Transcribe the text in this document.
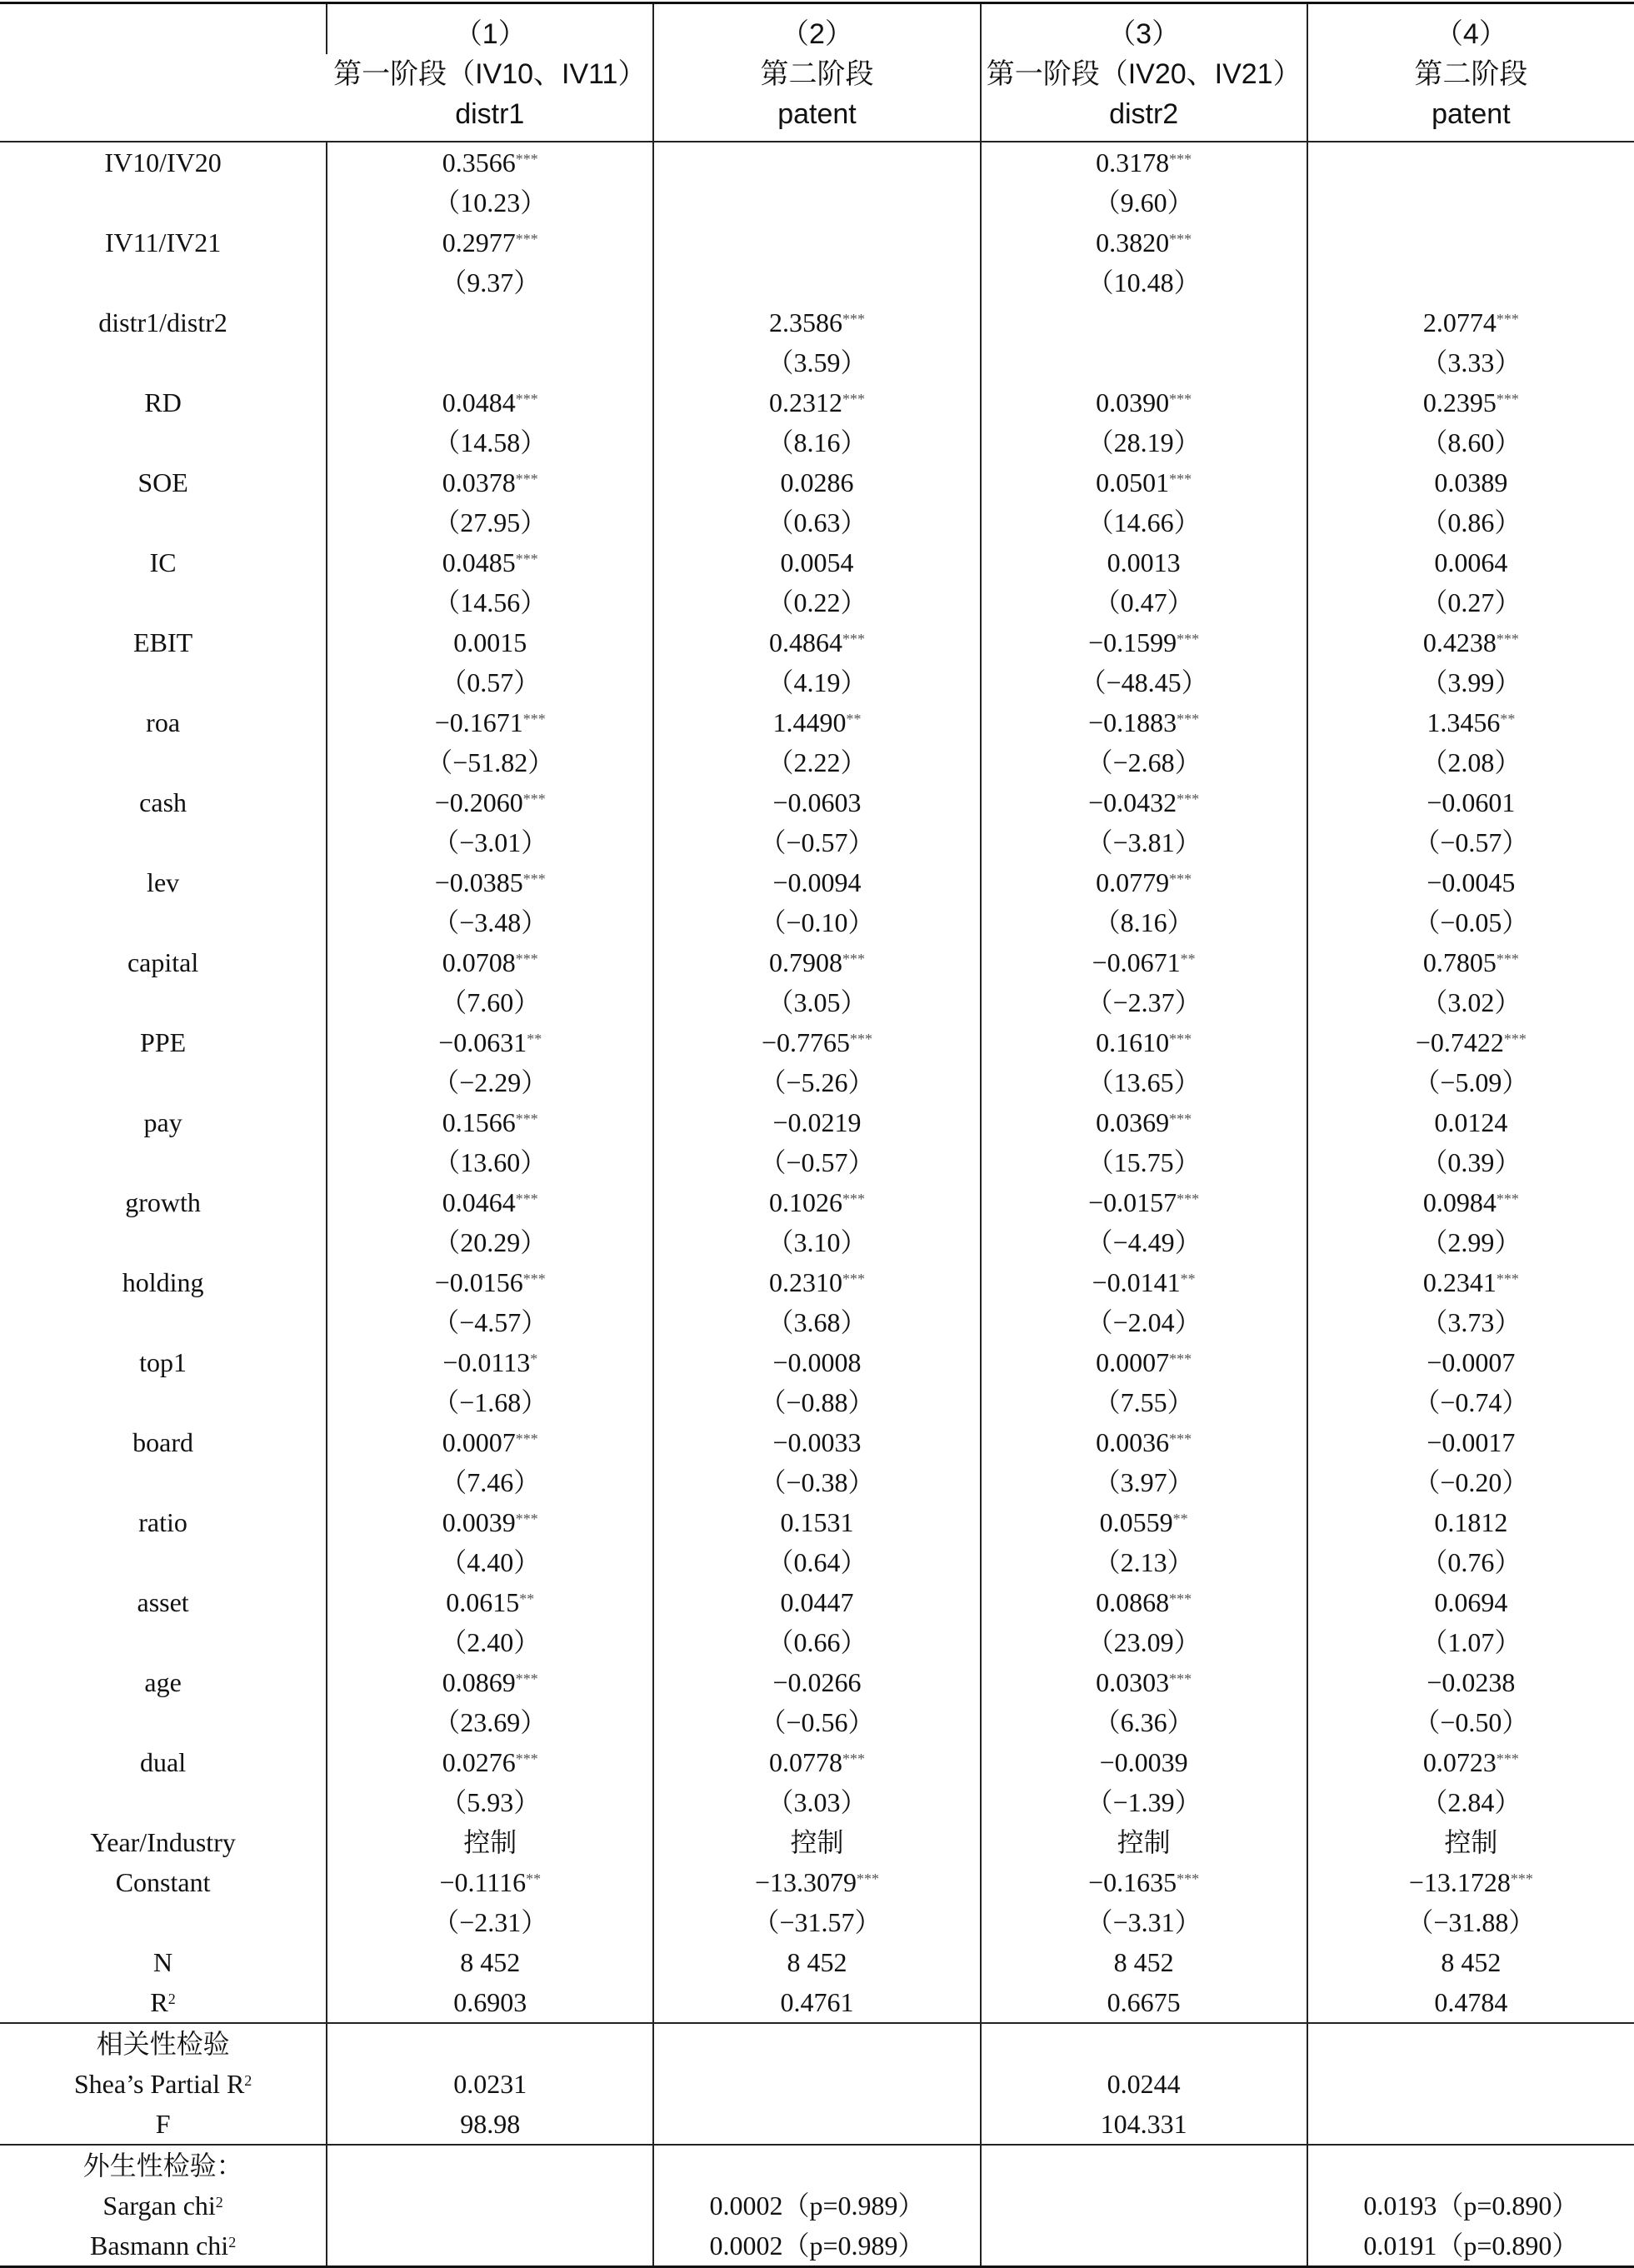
	（1）	（2）	（3）	（4）
	第一阶段（IV10、IV11）	第二阶段	第一阶段（IV20、IV21）	第二阶段
	distr1	patent	distr2	patent
IV10/IV20	0.3566***		0.3178***	
	（10.23）		（9.60）	
IV11/IV21	0.2977***		0.3820***	
	（9.37）		（10.48）	
distr1/distr2		2.3586***		2.0774***
		（3.59）		（3.33）
RD	0.0484***	0.2312***	0.0390***	0.2395***
	（14.58）	（8.16）	（28.19）	（8.60）
SOE	0.0378***	0.0286	0.0501***	0.0389
	（27.95）	（0.63）	（14.66）	（0.86）
IC	0.0485***	0.0054	0.0013	0.0064
	（14.56）	（0.22）	（0.47）	（0.27）
EBIT	0.0015	0.4864***	−0.1599***	0.4238***
	（0.57）	（4.19）	（−48.45）	（3.99）
roa	−0.1671***	1.4490**	−0.1883***	1.3456**
	（−51.82）	（2.22）	（−2.68）	（2.08）
cash	−0.2060***	−0.0603	−0.0432***	−0.0601
	（−3.01）	（−0.57）	（−3.81）	（−0.57）
lev	−0.0385***	−0.0094	0.0779***	−0.0045
	（−3.48）	（−0.10）	（8.16）	（−0.05）
capital	0.0708***	0.7908***	−0.0671**	0.7805***
	（7.60）	（3.05）	（−2.37）	（3.02）
PPE	−0.0631**	−0.7765***	0.1610***	−0.7422***
	（−2.29）	（−5.26）	（13.65）	（−5.09）
pay	0.1566***	−0.0219	0.0369***	0.0124
	（13.60）	（−0.57）	（15.75）	（0.39）
growth	0.0464***	0.1026***	−0.0157***	0.0984***
	（20.29）	（3.10）	（−4.49）	（2.99）
holding	−0.0156***	0.2310***	−0.0141**	0.2341***
	（−4.57）	（3.68）	（−2.04）	（3.73）
top1	−0.0113*	−0.0008	0.0007***	−0.0007
	（−1.68）	（−0.88）	（7.55）	（−0.74）
board	0.0007***	−0.0033	0.0036***	−0.0017
	（7.46）	（−0.38）	（3.97）	（−0.20）
ratio	0.0039***	0.1531	0.0559**	0.1812
	（4.40）	（0.64）	（2.13）	（0.76）
asset	0.0615**	0.0447	0.0868***	0.0694
	（2.40）	（0.66）	（23.09）	（1.07）
age	0.0869***	−0.0266	0.0303***	−0.0238
	（23.69）	（−0.56）	（6.36）	（−0.50）
dual	0.0276***	0.0778***	−0.0039	0.0723***
	（5.93）	（3.03）	（−1.39）	（2.84）
Year/Industry	控制	控制	控制	控制
Constant	−0.1116**	−13.3079***	−0.1635***	−13.1728***
	（−2.31）	（−31.57）	（−3.31）	（−31.88）
N	8 452	8 452	8 452	8 452
$R^2$	0.6903	0.4761	0.6675	0.4784
相关性检验				
Shea’s Partial $R^2$	0.0231		0.0244	
F	98.98		104.331	
外生性检验：				
Sargan chi$^2$		0.0002（p=0.989）		0.0193（p=0.890）
Basmann chi$^2$		0.0002（p=0.989）		0.0191（p=0.890）
